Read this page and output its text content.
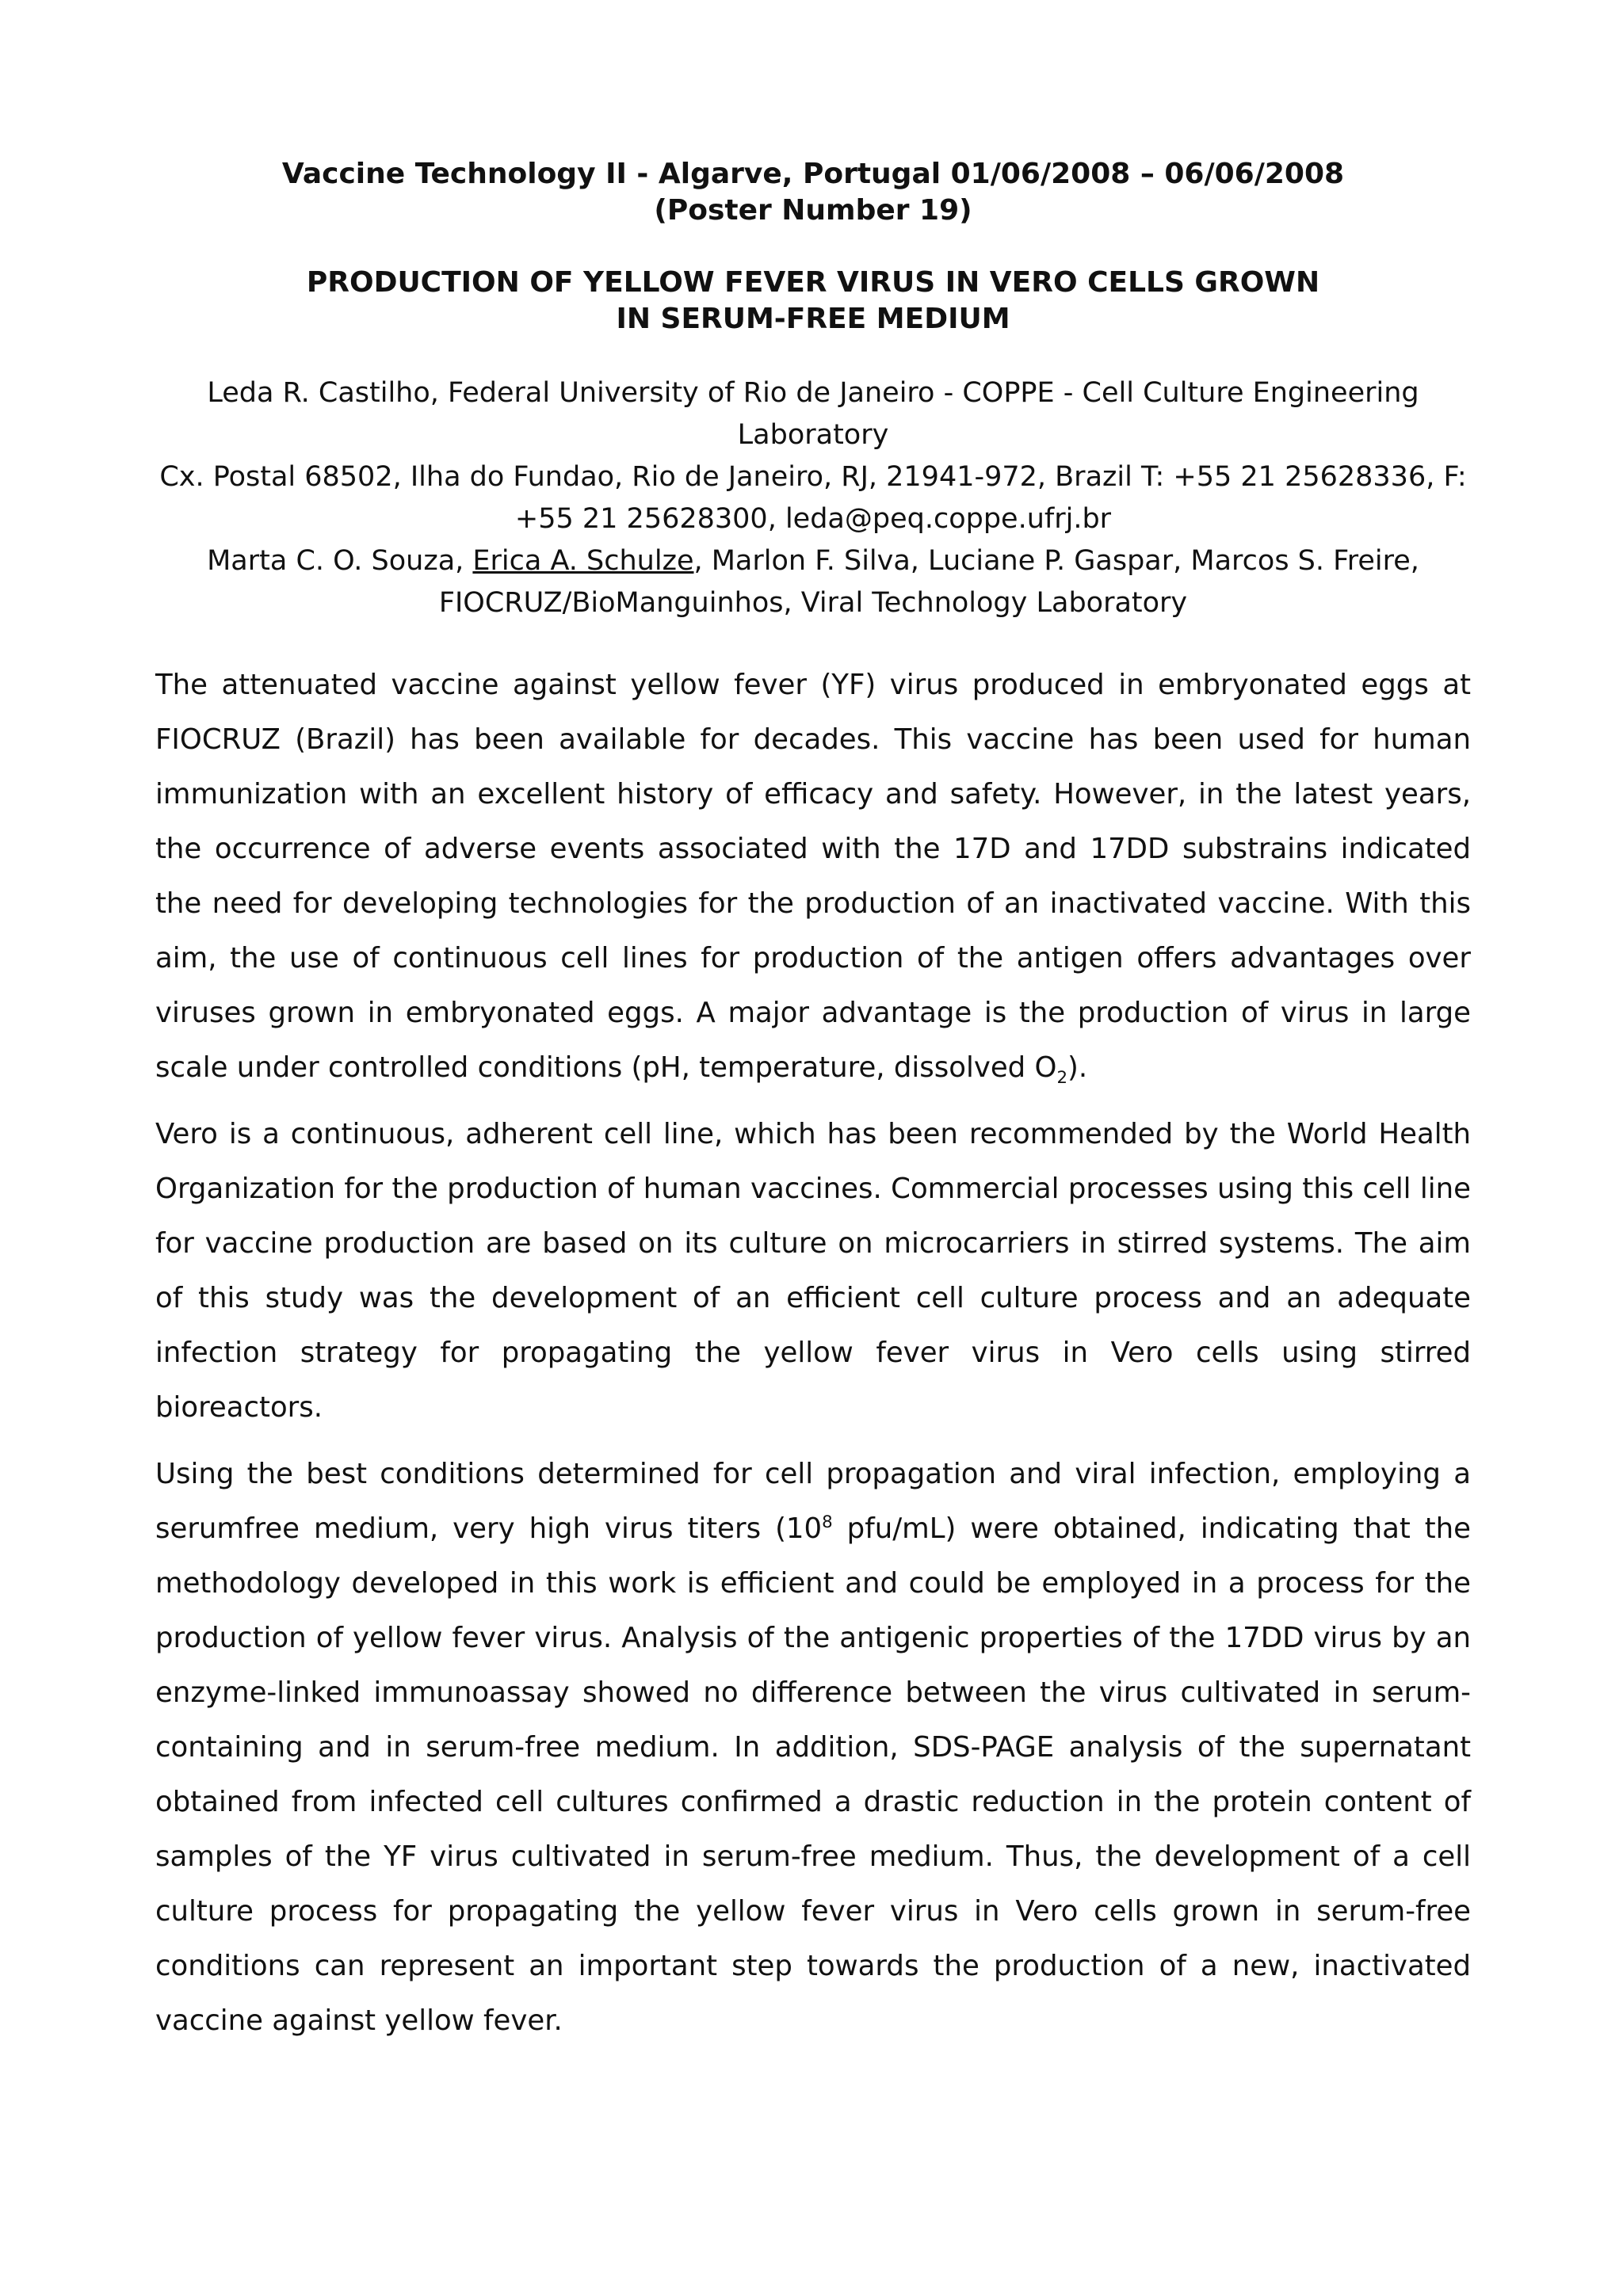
Vaccine Technology II - Algarve, Portugal 01/06/2008 – 06/06/2008
(Poster Number 19)
PRODUCTION OF YELLOW FEVER VIRUS IN VERO CELLS GROWN
IN SERUM-FREE MEDIUM
Leda R. Castilho, Federal University of Rio de Janeiro - COPPE - Cell Culture Engineering
Laboratory
Cx. Postal 68502, Ilha do Fundao, Rio de Janeiro, RJ, 21941-972, Brazil T: +55 21 25628336, F:
+55 21 25628300, leda@peq.coppe.ufrj.br
Marta C. O. Souza, Erica A. Schulze, Marlon F. Silva, Luciane P. Gaspar, Marcos S. Freire,
FIOCRUZ/BioManguinhos, Viral Technology Laboratory

The attenuated vaccine against yellow fever (YF) virus produced in embryonated eggs at FIOCRUZ (Brazil) has been available for decades. This vaccine has been used for human immunization with an excellent history of efficacy and safety. However, in the latest years, the occurrence of adverse events associated with the 17D and 17DD substrains indicated the need for developing technologies for the production of an inactivated vaccine. With this aim, the use of continuous cell lines for production of the antigen offers advantages over viruses grown in embryonated eggs. A major advantage is the production of virus in large scale under controlled conditions (pH, temperature, dissolved $O_2$).

Vero is a continuous, adherent cell line, which has been recommended by the World Health Organization for the production of human vaccines. Commercial processes using this cell line for vaccine production are based on its culture on microcarriers in stirred systems. The aim of this study was the development of an efficient cell culture process and an adequate infection strategy for propagating the yellow fever virus in Vero cells using stirred bioreactors.

Using the best conditions determined for cell propagation and viral infection, employing a serumfree medium, very high virus titers ($10^8$ pfu/mL) were obtained, indicating that the methodology developed in this work is efficient and could be employed in a process for the production of yellow fever virus. Analysis of the antigenic properties of the 17DD virus by an enzyme-linked immunoassay showed no difference between the virus cultivated in serum-containing and in serum-free medium. In addition, SDS-PAGE analysis of the supernatant obtained from infected cell cultures confirmed a drastic reduction in the protein content of samples of the YF virus cultivated in serum-free medium. Thus, the development of a cell culture process for propagating the yellow fever virus in Vero cells grown in serum-free conditions can represent an important step towards the production of a new, inactivated vaccine against yellow fever.
